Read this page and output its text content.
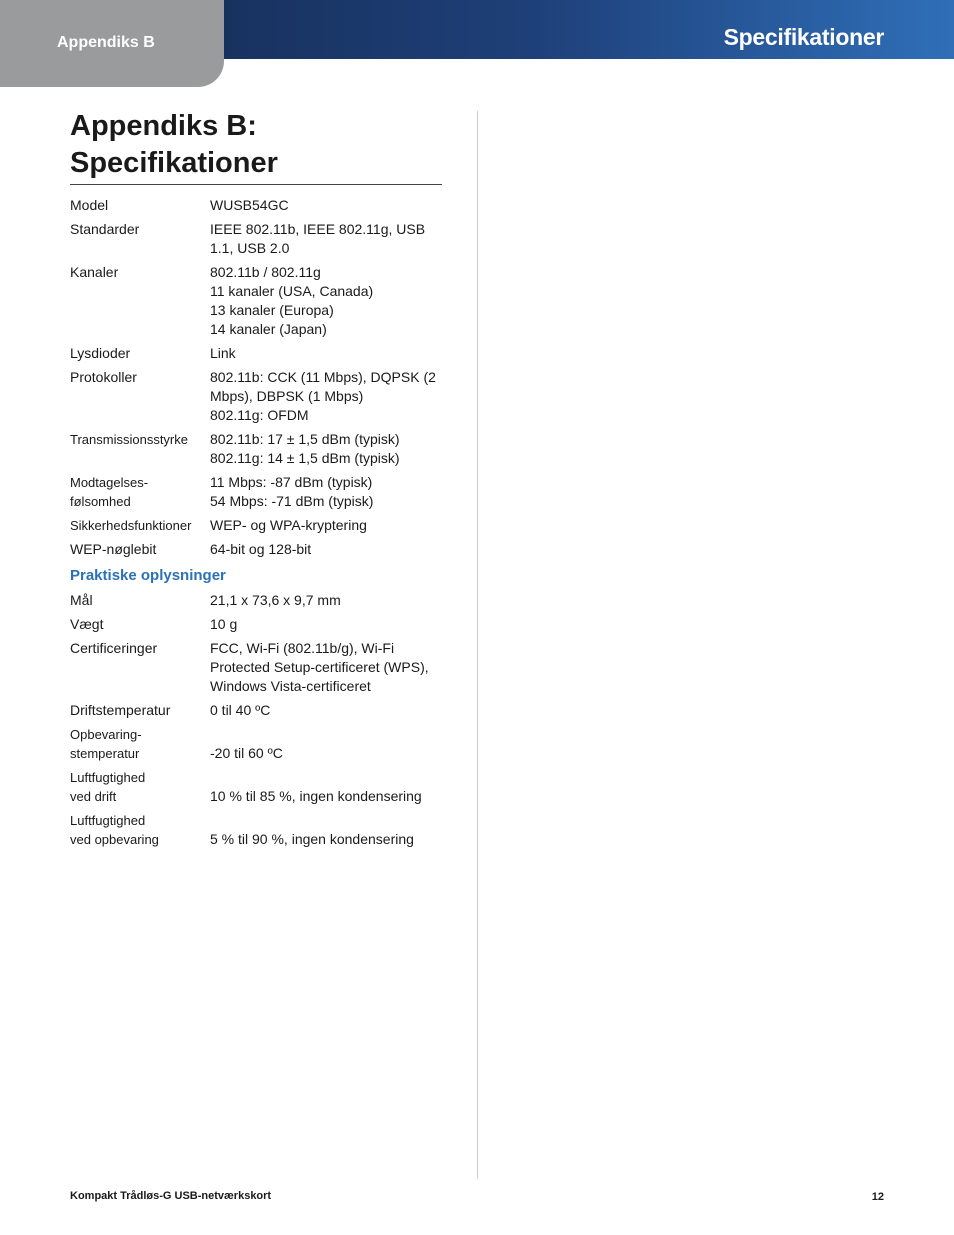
Appendiks B	Specifikationer
Appendiks B:
Specifikationer
Model	WUSB54GC

Standarder	IEEE 802.11b, IEEE 802.11g, USB 1.1, USB 2.0

Kanaler	802.11b / 802.11g
11 kanaler (USA, Canada)
13 kanaler (Europa)
14 kanaler (Japan)

Lysdioder	Link

Protokoller	802.11b: CCK (11 Mbps), DQPSK (2 Mbps), DBPSK (1 Mbps)
802.11g: OFDM

Transmissionsstyrke	802.11b: 17 ± 1,5 dBm (typisk)
802.11g: 14 ± 1,5 dBm (typisk)

Modtagelses-
følsomhed	11 Mbps: -87 dBm (typisk)
54 Mbps: -71 dBm (typisk)

Sikkerhedsfunktioner	WEP- og WPA-kryptering

WEP-nøglebit	64-bit og 128-bit
Praktiske oplysninger
Mål	21,1 x 73,6 x 9,7 mm

Vægt	10 g

Certificeringer	FCC, Wi-Fi (802.11b/g), Wi-Fi Protected Setup-certificeret (WPS), Windows Vista-certificeret

Driftstemperatur	0 til 40 ºC

Opbevaring-
stemperatur	-20 til 60 ºC

Luftfugtighed
ved drift	10 % til 85 %, ingen kondensering

Luftfugtighed
ved opbevaring	5 % til 90 %, ingen kondensering
Kompakt Trådløs-G USB-netværkskort	12
